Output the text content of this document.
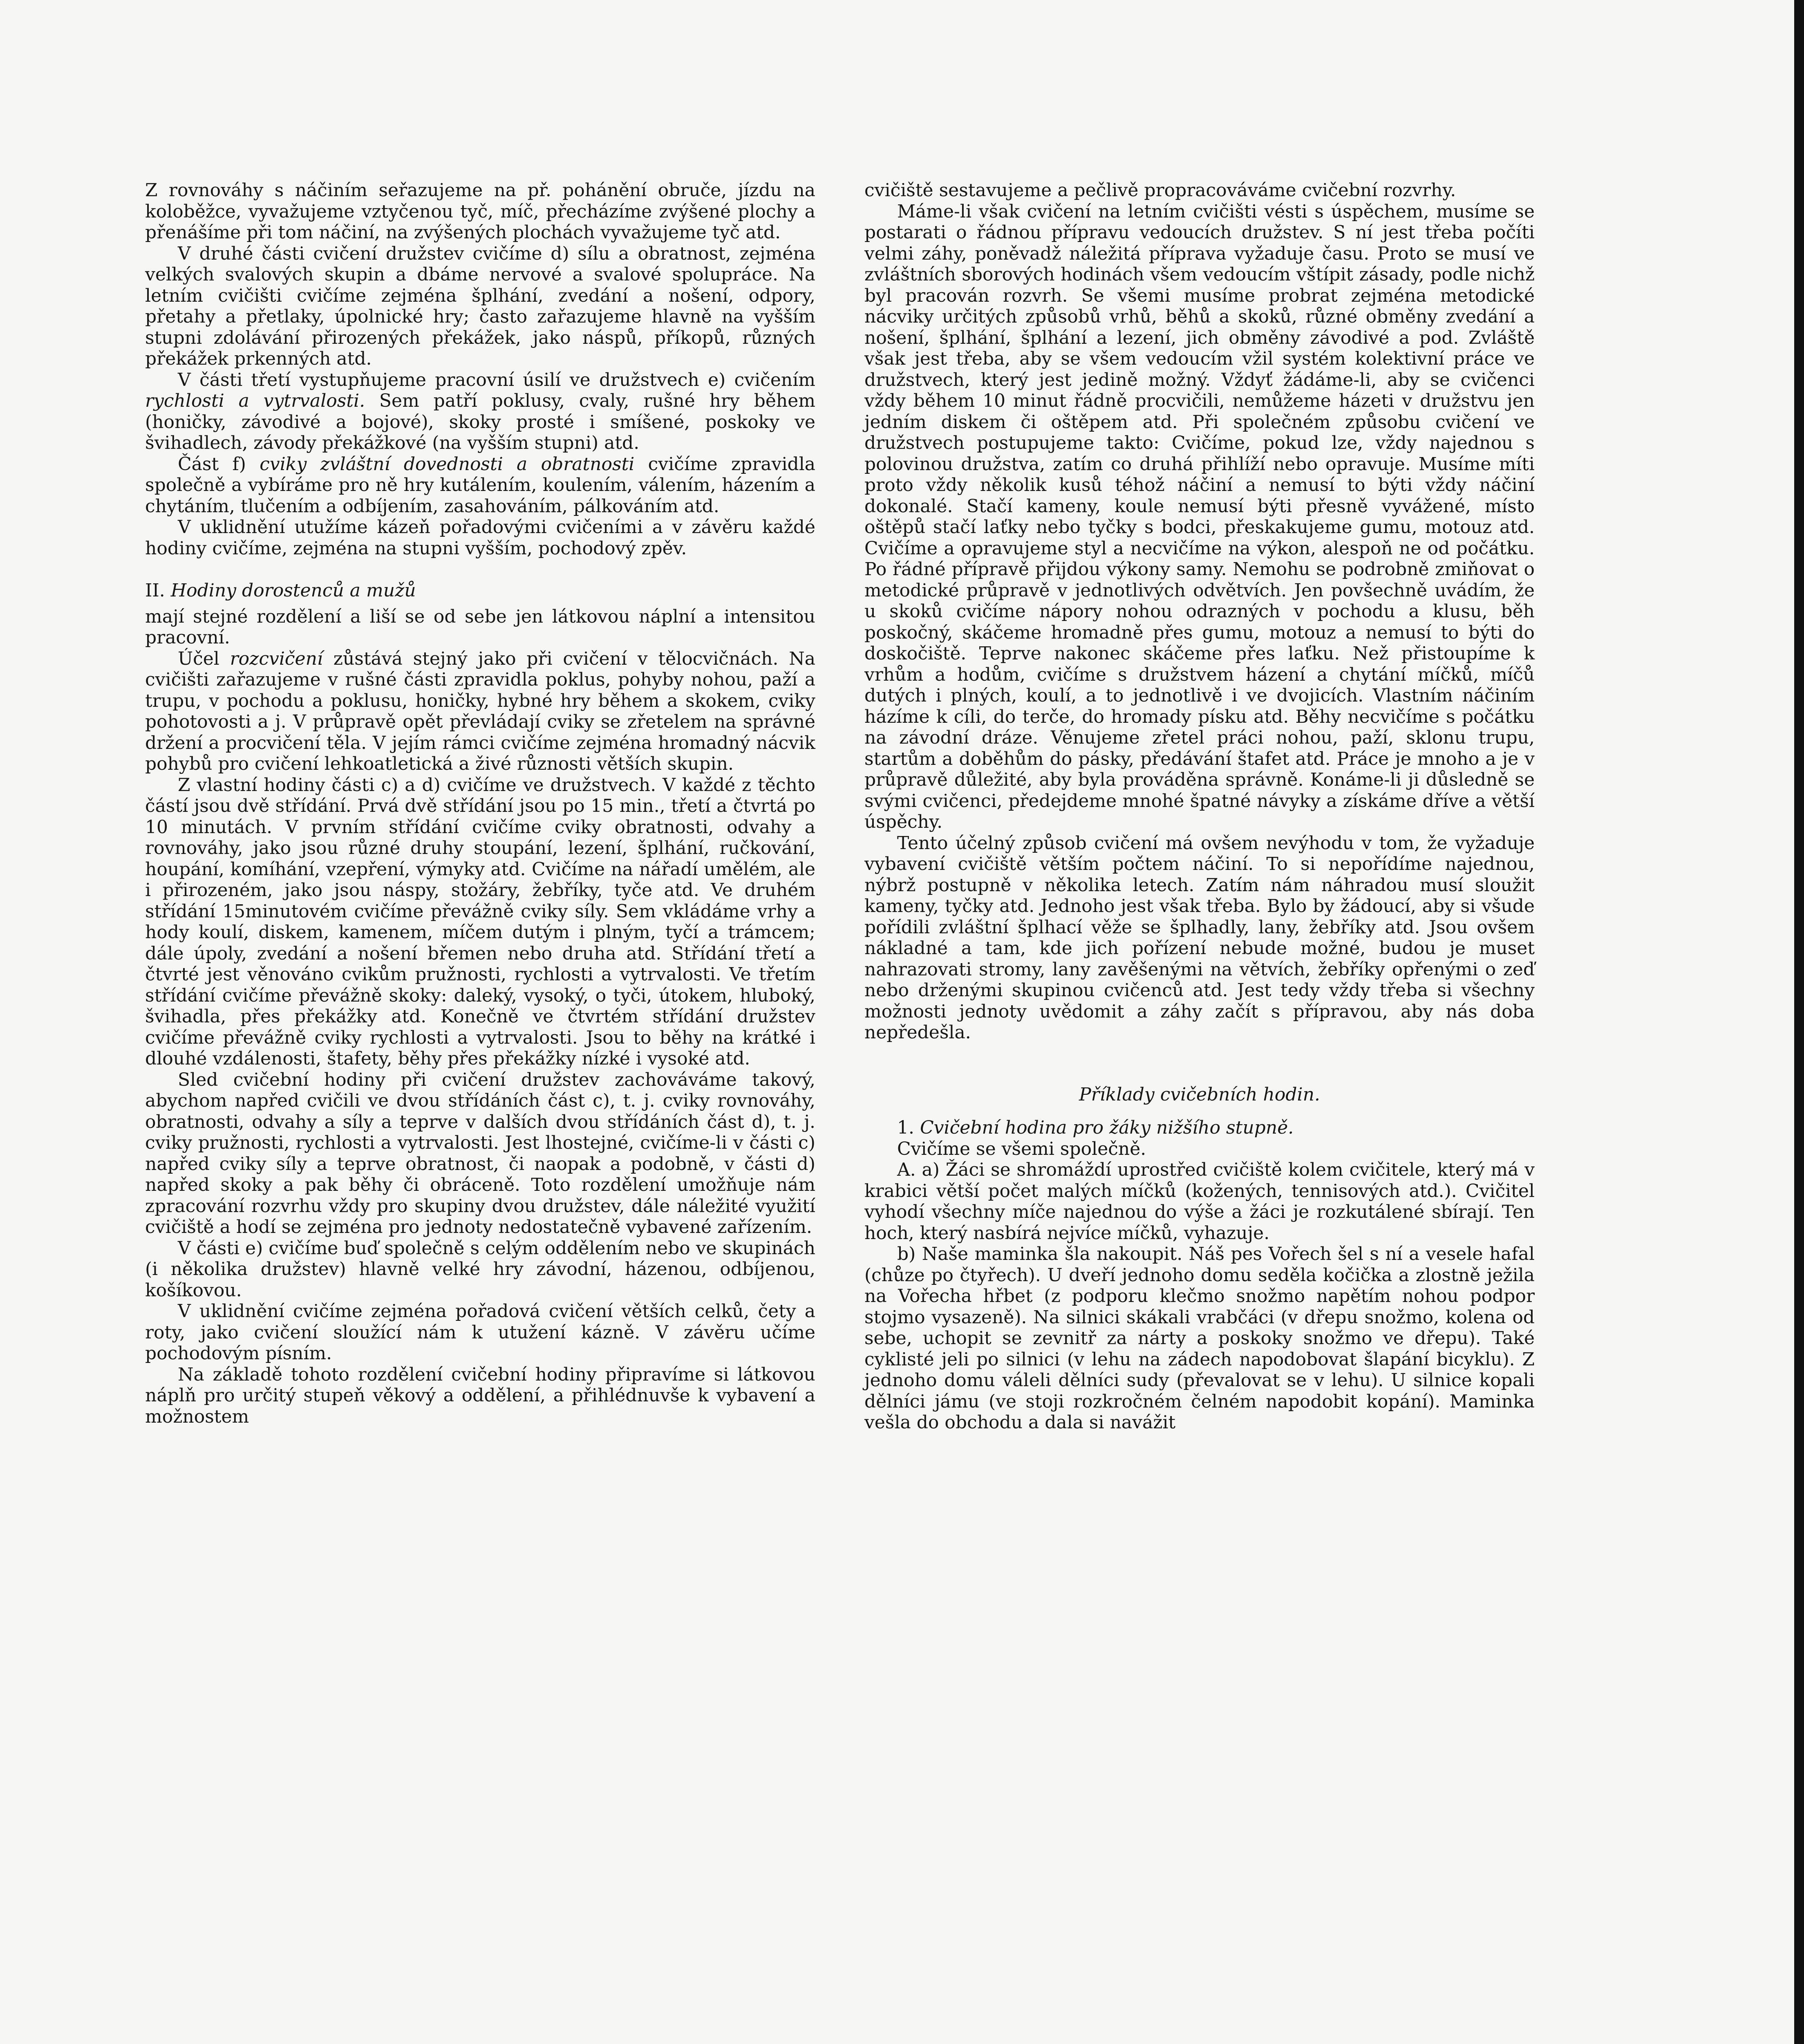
Z rovnováhy s náčiním seřazujeme na př. pohánění obruče, jízdu na koloběžce, vyvažujeme vztyčenou tyč, míč, přecházíme zvýšené plochy a přenášíme při tom náčiní, na zvýšených plochách vyvažujeme tyč atd.

V druhé části cvičení družstev cvičíme d) sílu a obratnost, zejména velkých svalových skupin a dbáme nervové a svalové spolupráce. Na letním cvičišti cvičíme zejména šplhání, zvedání a nošení, odpory, přetahy a přetlaky, úpolnické hry; často zařazujeme hlavně na vyšším stupni zdolávání přirozených překážek, jako náspů, příkopů, různých překážek prkenných atd.

V části třetí vystupňujeme pracovní úsilí ve družstvech e) cvičením rychlosti a vytrvalosti. Sem patří poklusy, cvaly, rušné hry během (honičky, závodivé a bojové), skoky prosté i smíšené, poskoky ve švihadlech, závody překážkové (na vyšším stupni) atd.

Část f) cviky zvláštní dovednosti a obratnosti cvičíme zpravidla společně a vybíráme pro ně hry kutálením, koulením, válením, házením a chytáním, tlučením a odbíjením, zasahováním, pálkováním atd.

V uklidnění utužíme kázeň pořadovými cvičeními a v závěru každé hodiny cvičíme, zejména na stupni vyšším, pochodový zpěv.

II. Hodiny dorostenců a mužů

mají stejné rozdělení a liší se od sebe jen látkovou náplní a intensitou pracovní.

Účel rozcvičení zůstává stejný jako při cvičení v tělocvičnách. Na cvičišti zařazujeme v rušné části zpravidla poklus, pohyby nohou, paží a trupu, v pochodu a poklusu, honičky, hybné hry během a skokem, cviky pohotovosti a j. V průpravě opět převládají cviky se zřetelem na správné držení a procvičení těla. V jejím rámci cvičíme zejména hromadný nácvik pohybů pro cvičení lehkoatletická a živé různosti větších skupin.

Z vlastní hodiny části c) a d) cvičíme ve družstvech. V každé z těchto částí jsou dvě střídání. Prvá dvě střídání jsou po 15 min., třetí a čtvrtá po 10 minutách. V prvním střídání cvičíme cviky obratnosti, odvahy a rovnováhy, jako jsou různé druhy stoupání, lezení, šplhání, ručkování, houpání, komíhání, vzepření, výmyky atd. Cvičíme na nářadí umělém, ale i přirozeném, jako jsou náspy, stožáry, žebříky, tyče atd. Ve druhém střídání 15minutovém cvičíme převážně cviky síly. Sem vkládáme vrhy a hody koulí, diskem, kamenem, míčem dutým i plným, tyčí a trámcem; dále úpoly, zvedání a nošení břemen nebo druha atd. Střídání třetí a čtvrté jest věnováno cvikům pružnosti, rychlosti a vytrvalosti. Ve třetím střídání cvičíme převážně skoky: daleký, vysoký, o tyči, útokem, hluboký, švihadla, přes překážky atd. Konečně ve čtvrtém střídání družstev cvičíme převážně cviky rychlosti a vytrvalosti. Jsou to běhy na krátké i dlouhé vzdálenosti, štafety, běhy přes překážky nízké i vysoké atd.

Sled cvičební hodiny při cvičení družstev zachováváme takový, abychom napřed cvičili ve dvou střídáních část c), t. j. cviky rovnováhy, obratnosti, odvahy a síly a teprve v dalších dvou střídáních část d), t. j. cviky pružnosti, rychlosti a vytrvalosti. Jest lhostejné, cvičíme-li v části c) napřed cviky síly a teprve obratnost, či naopak a podobně, v části d) napřed skoky a pak běhy či obráceně. Toto rozdělení umožňuje nám zpracování rozvrhu vždy pro skupiny dvou družstev, dále náležité využití cvičiště a hodí se zejména pro jednoty nedostatečně vybavené zařízením.

V části e) cvičíme buď společně s celým oddělením nebo ve skupinách (i několika družstev) hlavně velké hry závodní, házenou, odbíjenou, košíkovou.

V uklidnění cvičíme zejména pořadová cvičení větších celků, čety a roty, jako cvičení sloužící nám k utužení kázně. V závěru učíme pochodovým písním.

Na základě tohoto rozdělení cvičební hodiny připravíme si látkovou náplň pro určitý stupeň věkový a oddělení, a přihlédnuvše k vybavení a možnostem

cvičiště sestavujeme a pečlivě propracováváme cvičební rozvrhy.

Máme-li však cvičení na letním cvičišti vésti s úspěchem, musíme se postarati o řádnou přípravu vedoucích družstev. S ní jest třeba počíti velmi záhy, poněvadž náležitá příprava vyžaduje času. Proto se musí ve zvláštních sborových hodinách všem vedoucím vštípit zásady, podle nichž byl pracován rozvrh. Se všemi musíme probrat zejména metodické nácviky určitých způsobů vrhů, běhů a skoků, různé obměny zvedání a nošení, šplhání, šplhání a lezení, jich obměny závodivé a pod. Zvláště však jest třeba, aby se všem vedoucím vžil systém kolektivní práce ve družstvech, který jest jedině možný. Vždyť žádáme-li, aby se cvičenci vždy během 10 minut řádně procvičili, nemůžeme házeti v družstvu jen jedním diskem či oštěpem atd. Při společném způsobu cvičení ve družstvech postupujeme takto: Cvičíme, pokud lze, vždy najednou s polovinou družstva, zatím co druhá přihlíží nebo opravuje. Musíme míti proto vždy několik kusů téhož náčiní a nemusí to býti vždy náčiní dokonalé. Stačí kameny, koule nemusí býti přesně vyvážené, místo oštěpů stačí laťky nebo tyčky s bodci, přeskakujeme gumu, motouz atd. Cvičíme a opravujeme styl a necvičíme na výkon, alespoň ne od počátku. Po řádné přípravě přijdou výkony samy. Nemohu se podrobně zmiňovat o metodické průpravě v jednotlivých odvětvích. Jen povšechně uvádím, že u skoků cvičíme nápory nohou odrazných v pochodu a klusu, běh poskočný, skáčeme hromadně přes gumu, motouz a nemusí to býti do doskočiště. Teprve nakonec skáčeme přes laťku. Než přistoupíme k vrhům a hodům, cvičíme s družstvem házení a chytání míčků, míčů dutých i plných, koulí, a to jednotlivě i ve dvojicích. Vlastním náčiním házíme k cíli, do terče, do hromady písku atd. Běhy necvičíme s počátku na závodní dráze. Věnujeme zřetel práci nohou, paží, sklonu trupu, startům a doběhům do pásky, předávání štafet atd. Práce je mnoho a je v průpravě důležité, aby byla prováděna správně. Konáme-li ji důsledně se svými cvičenci, předejdeme mnohé špatné návyky a získáme dříve a větší úspěchy.

Tento účelný způsob cvičení má ovšem nevýhodu v tom, že vyžaduje vybavení cvičiště větším počtem náčiní. To si nepořídíme najednou, nýbrž postupně v několika letech. Zatím nám náhradou musí sloužit kameny, tyčky atd. Jednoho jest však třeba. Bylo by žádoucí, aby si všude pořídili zvláštní šplhací věže se šplhadly, lany, žebříky atd. Jsou ovšem nákladné a tam, kde jich pořízení nebude možné, budou je muset nahrazovati stromy, lany zavěšenými na větvích, žebříky opřenými o zeď nebo drženými skupinou cvičenců atd. Jest tedy vždy třeba si všechny možnosti jednoty uvědomit a záhy začít s přípravou, aby nás doba nepředešla.

Příklady cvičebních hodin.

1. Cvičební hodina pro žáky nižšího stupně.

Cvičíme se všemi společně.

A. a) Žáci se shromáždí uprostřed cvičiště kolem cvičitele, který má v krabici větší počet malých míčků (kožených, tennisových atd.). Cvičitel vyhodí všechny míče najednou do výše a žáci je rozkutálené sbírají. Ten hoch, který nasbírá nejvíce míčků, vyhazuje.

b) Naše maminka šla nakoupit. Náš pes Vořech šel s ní a vesele hafal (chůze po čtyřech). U dveří jednoho domu seděla kočička a zlostně ježila na Vořecha hřbet (z podporu klečmo snožmo napětím nohou podpor stojmo vysazeně). Na silnici skákali vrabčáci (v dřepu snožmo, kolena od sebe, uchopit se zevnitř za nárty a poskoky snožmo ve dřepu). Také cyklisté jeli po silnici (v lehu na zádech napodobovat šlapání bicyklu). Z jednoho domu váleli dělníci sudy (převalovat se v lehu). U silnice kopali dělníci jámu (ve stoji rozkročném čelném napodobit kopání). Maminka vešla do obchodu a dala si navážit
